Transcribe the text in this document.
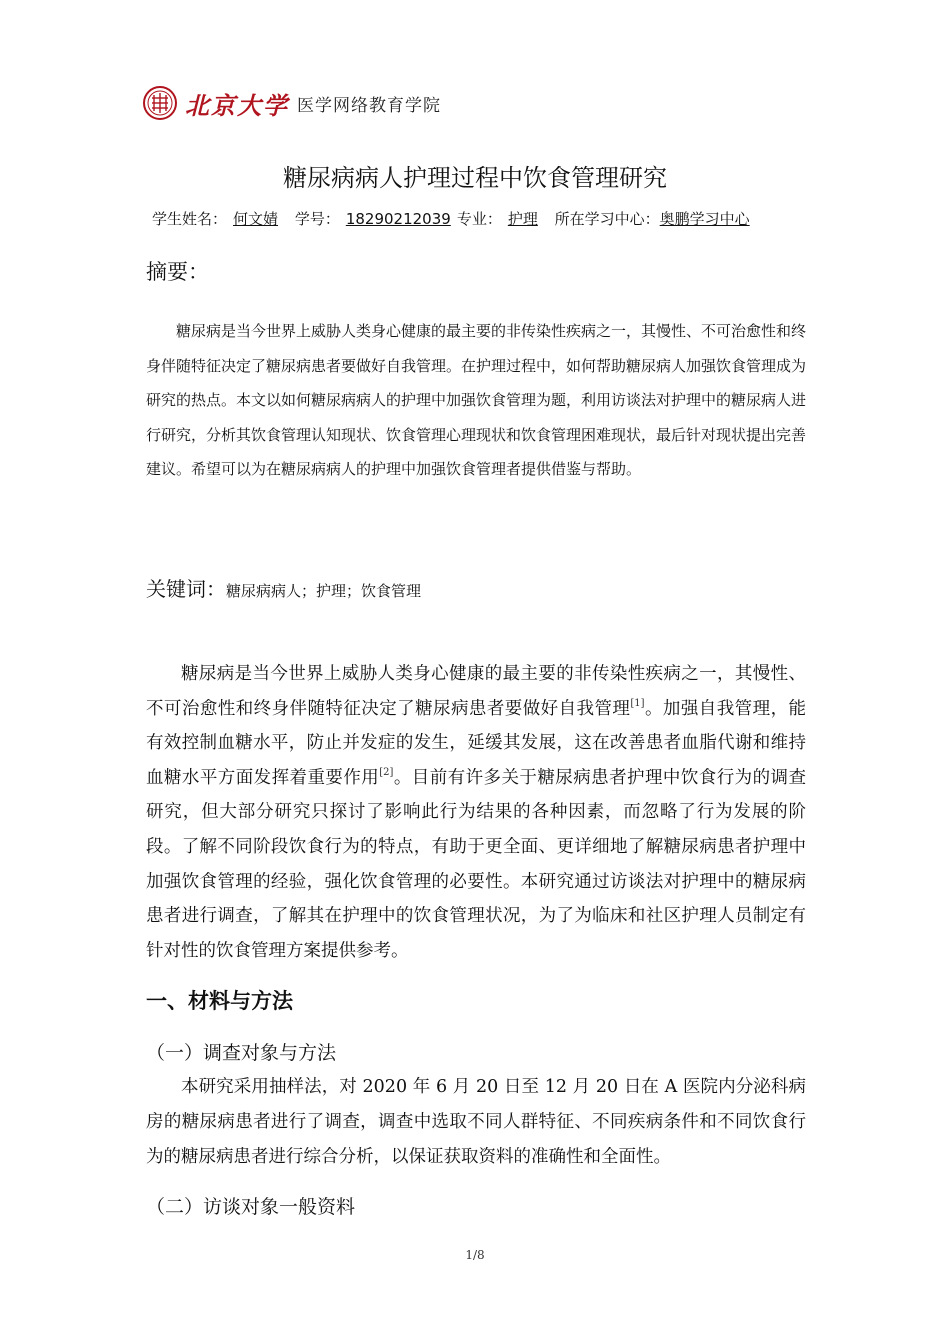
北京大学 医学网络教育学院
糖尿病病人护理过程中饮食管理研究
学生姓名： 何文婧 学号： 18290212039 专业： 护理 所在学习中心：奥鹏学习中心
摘要：

糖尿病是当今世界上威胁人类身心健康的最主要的非传染性疾病之一，其慢性、不可治愈性和终身伴随特征决定了糖尿病患者要做好自我管理。在护理过程中，如何帮助糖尿病人加强饮食管理成为研究的热点。本文以如何糖尿病病人的护理中加强饮食管理为题，利用访谈法对护理中的糖尿病人进行研究，分析其饮食管理认知现状、饮食管理心理现状和饮食管理困难现状，最后针对现状提出完善建议。希望可以为在糖尿病病人的护理中加强饮食管理者提供借鉴与帮助。

关键词：糖尿病病人；护理；饮食管理

糖尿病是当今世界上威胁人类身心健康的最主要的非传染性疾病之一，其慢性、不可治愈性和终身伴随特征决定了糖尿病患者要做好自我管理[1]。加强自我管理，能有效控制血糖水平，防止并发症的发生，延缓其发展，这在改善患者血脂代谢和维持血糖水平方面发挥着重要作用[2]。目前有许多关于糖尿病患者护理中饮食行为的调查研究，但大部分研究只探讨了影响此行为结果的各种因素，而忽略了行为发展的阶段。了解不同阶段饮食行为的特点，有助于更全面、更详细地了解糖尿病患者护理中加强饮食管理的经验，强化饮食管理的必要性。本研究通过访谈法对护理中的糖尿病患者进行调查，了解其在护理中的饮食管理状况，为了为临床和社区护理人员制定有针对性的饮食管理方案提供参考。

一、材料与方法
（一）调查对象与方法

本研究采用抽样法，对 2020 年 6 月 20 日至 12 月 20 日在 A 医院内分泌科病房的糖尿病患者进行了调查，调查中选取不同人群特征、不同疾病条件和不同饮食行为的糖尿病患者进行综合分析，以保证获取资料的准确性和全面性。

（二）访谈对象一般资料
1/8
